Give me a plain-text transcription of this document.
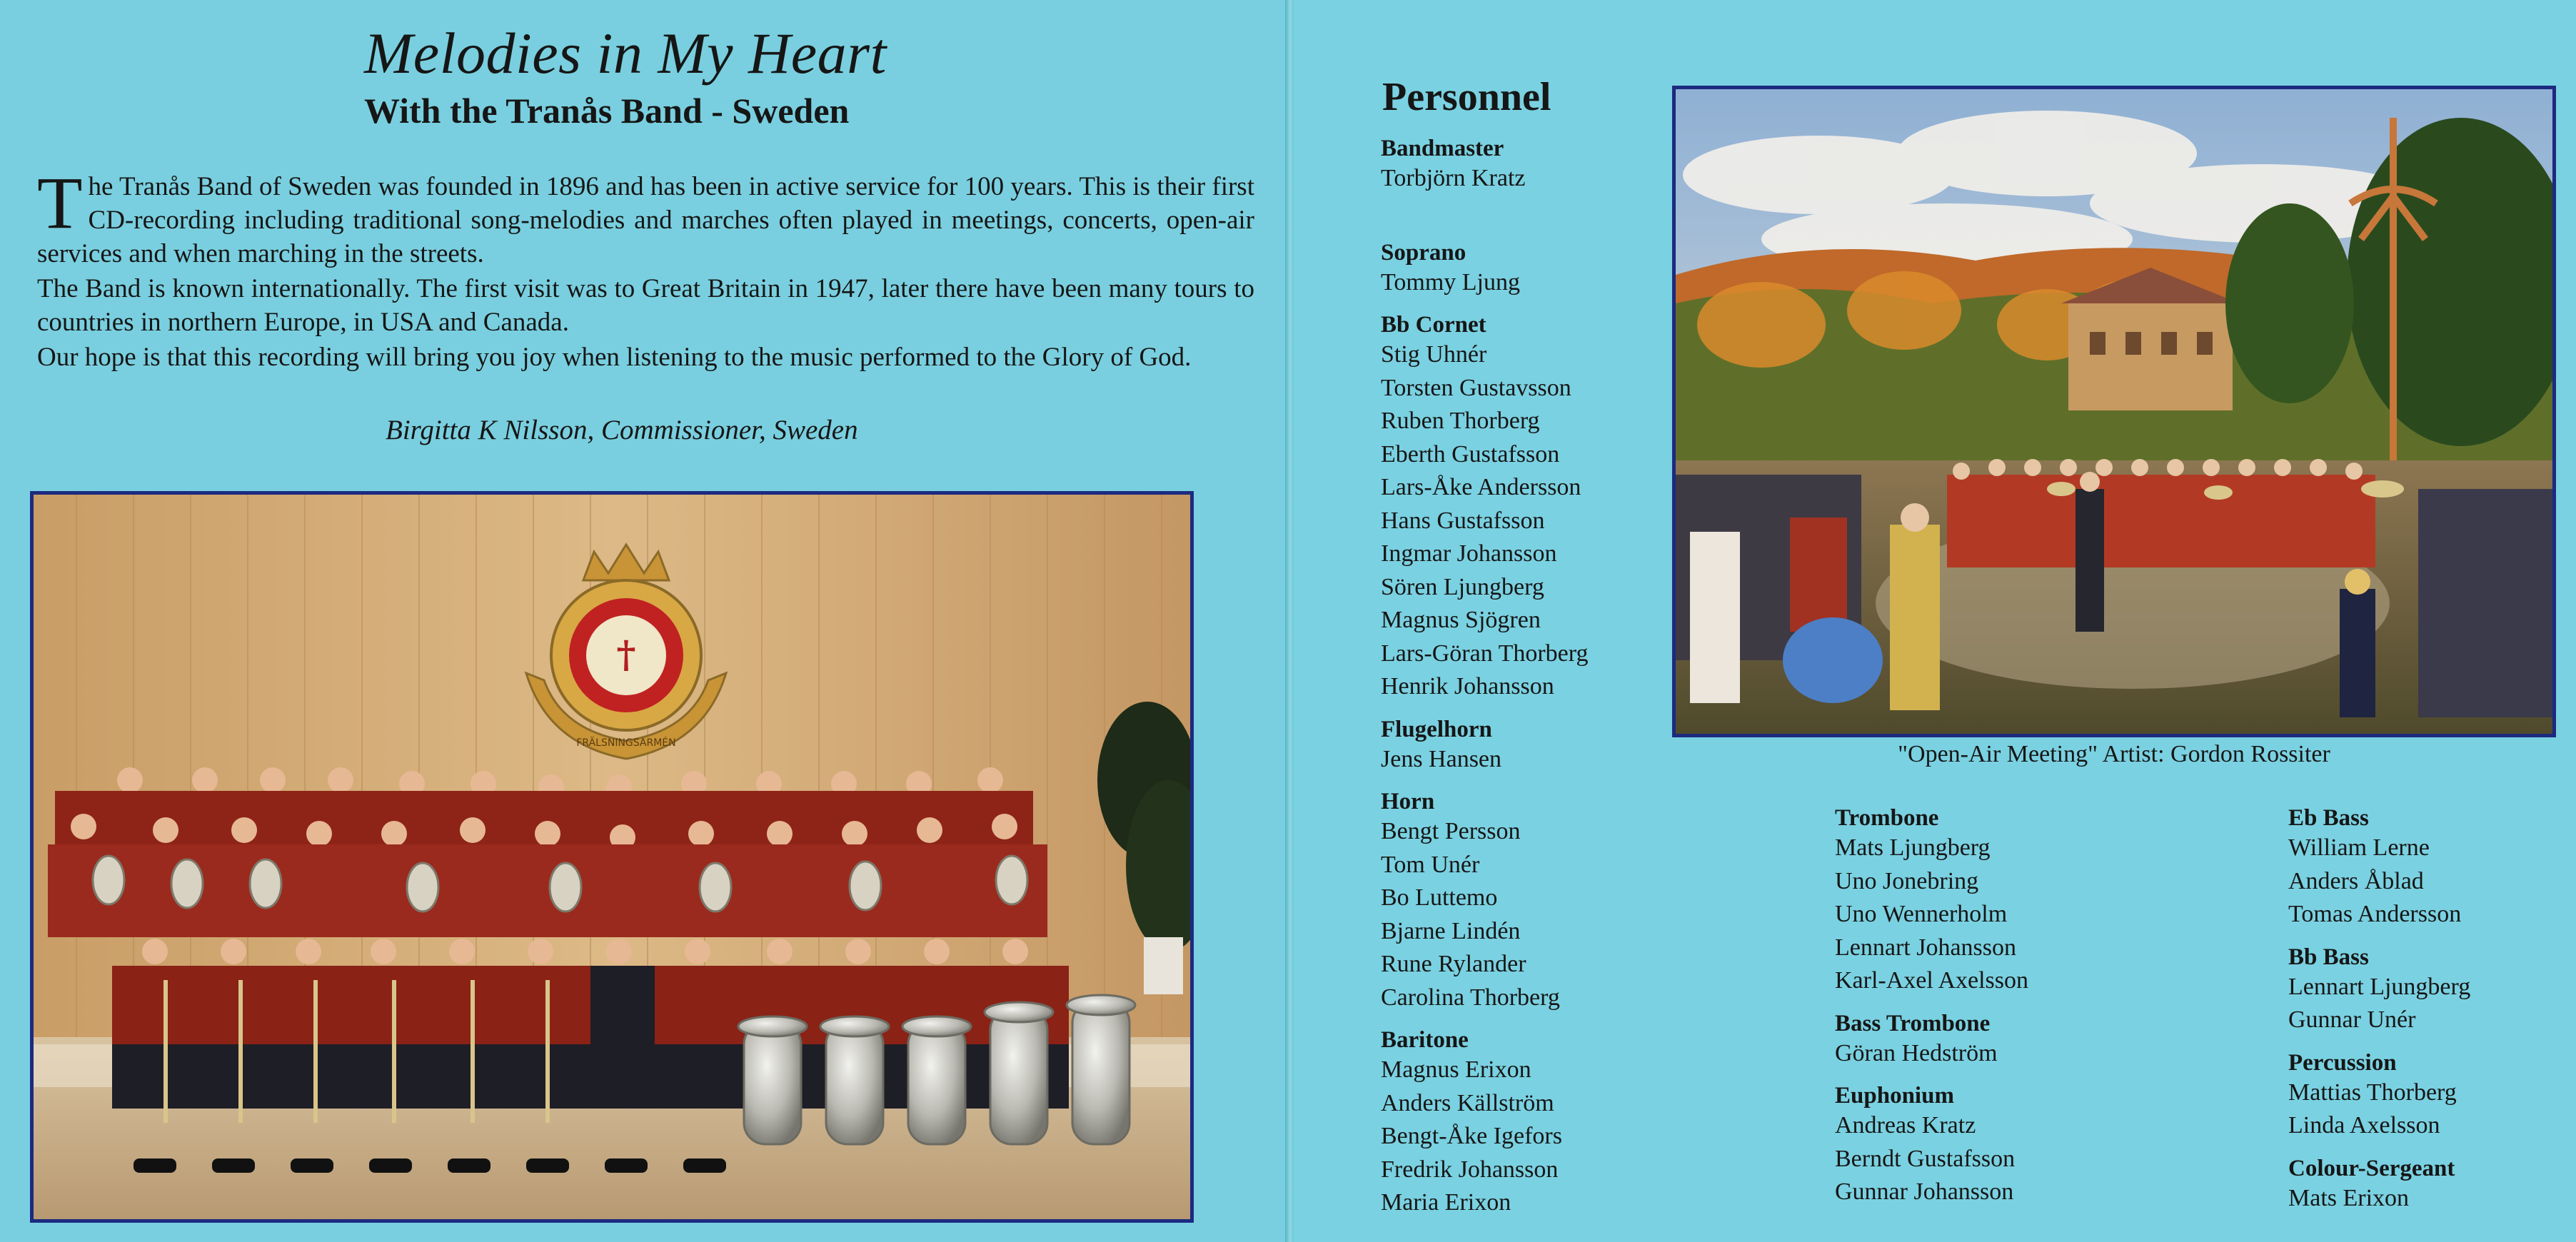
Melodies in My Heart
With the Tranås Band - Sweden

The Tranås Band of Sweden was founded in 1896 and has been in active service for 100 years. This is their first CD-recording including traditional song-melodies and marches often played in meetings, concerts, open-air services and when marching in the streets.

The Band is known internationally. The first visit was to Great Britain in 1947, later there have been many tours to countries in northern Europe, in USA and Canada.

Our hope is that this recording will bring you joy when listening to the music performed to the Glory of God.

Birgitta K Nilsson, Commissioner, Sweden
†
FRÄLSNINGSARMÉN
Personnel
"Open-Air Meeting" Artist: Gordon Rossiter
Bandmaster
Torbjörn Kratz
Soprano
Tommy Ljung
Bb Cornet
Stig Uhnér
Torsten Gustavsson
Ruben Thorberg
Eberth Gustafsson
Lars-Åke Andersson
Hans Gustafsson
Ingmar Johansson
Sören Ljungberg
Magnus Sjögren
Lars-Göran Thorberg
Henrik Johansson
Flugelhorn
Jens Hansen
Horn
Bengt Persson
Tom Unér
Bo Luttemo
Bjarne Lindén
Rune Rylander
Carolina Thorberg
Baritone
Magnus Erixon
Anders Källström
Bengt-Åke Igefors
Fredrik Johansson
Maria Erixon
Trombone
Mats Ljungberg
Uno Jonebring
Uno Wennerholm
Lennart Johansson
Karl-Axel Axelsson
Bass Trombone
Göran Hedström
Euphonium
Andreas Kratz
Berndt Gustafsson
Gunnar Johansson
Eb Bass
William Lerne
Anders Åblad
Tomas Andersson
Bb Bass
Lennart Ljungberg
Gunnar Unér
Percussion
Mattias Thorberg
Linda Axelsson
Colour-Sergeant
Mats Erixon
